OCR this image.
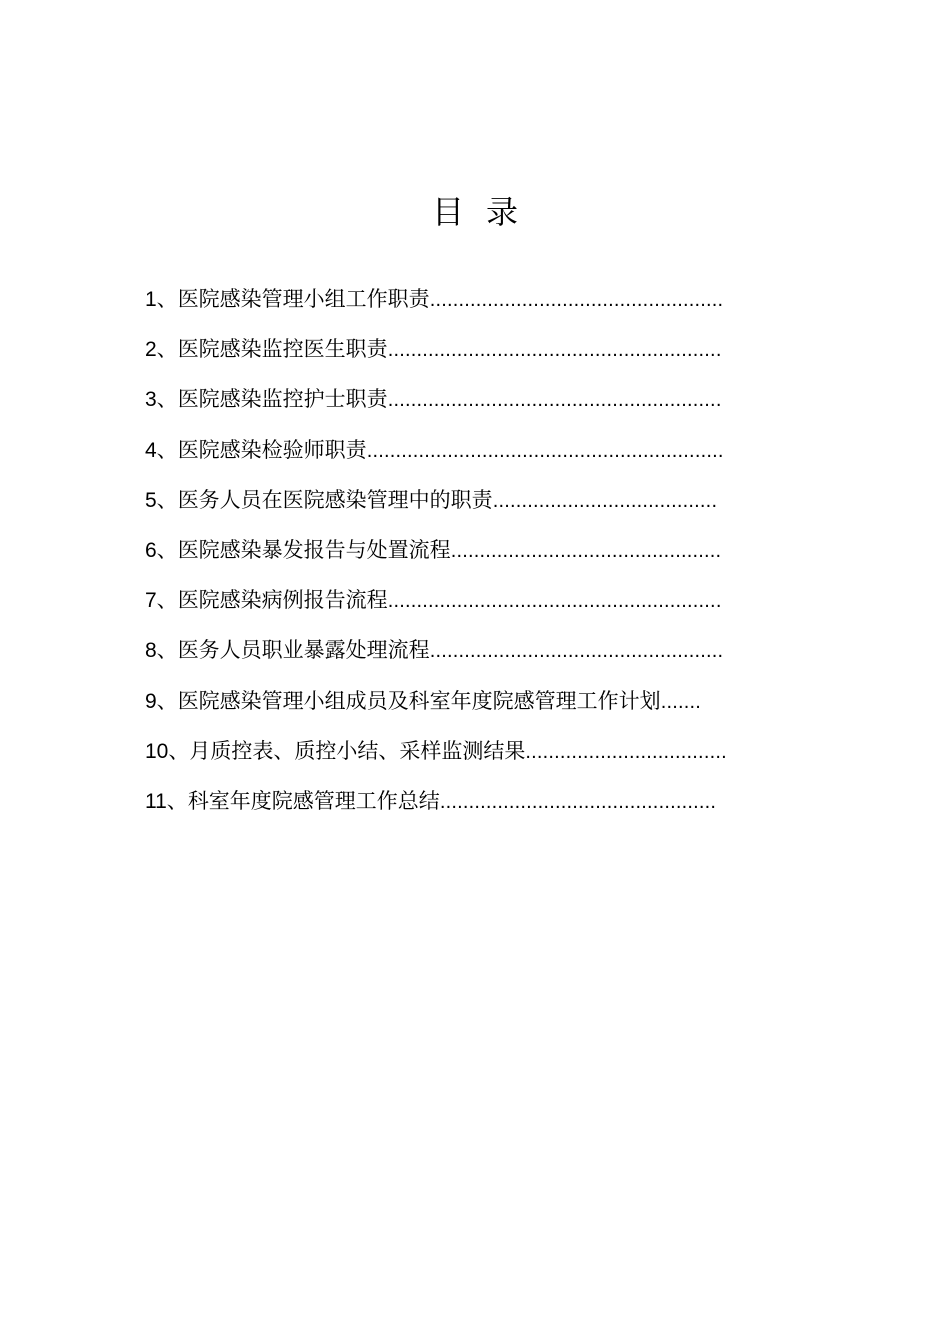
目 录
1、医院感染管理小组工作职责...................................................
2、医院感染监控医生职责..........................................................
3、医院感染监控护士职责..........................................................
4、医院感染检验师职责..............................................................
5、医务人员在医院感染管理中的职责.......................................
6、医院感染暴发报告与处置流程...............................................
7、医院感染病例报告流程..........................................................
8、医务人员职业暴露处理流程...................................................
9、医院感染管理小组成员及科室年度院感管理工作计划.......
10、月质控表、质控小结、采样监测结果...................................
11、科室年度院感管理工作总结................................................
